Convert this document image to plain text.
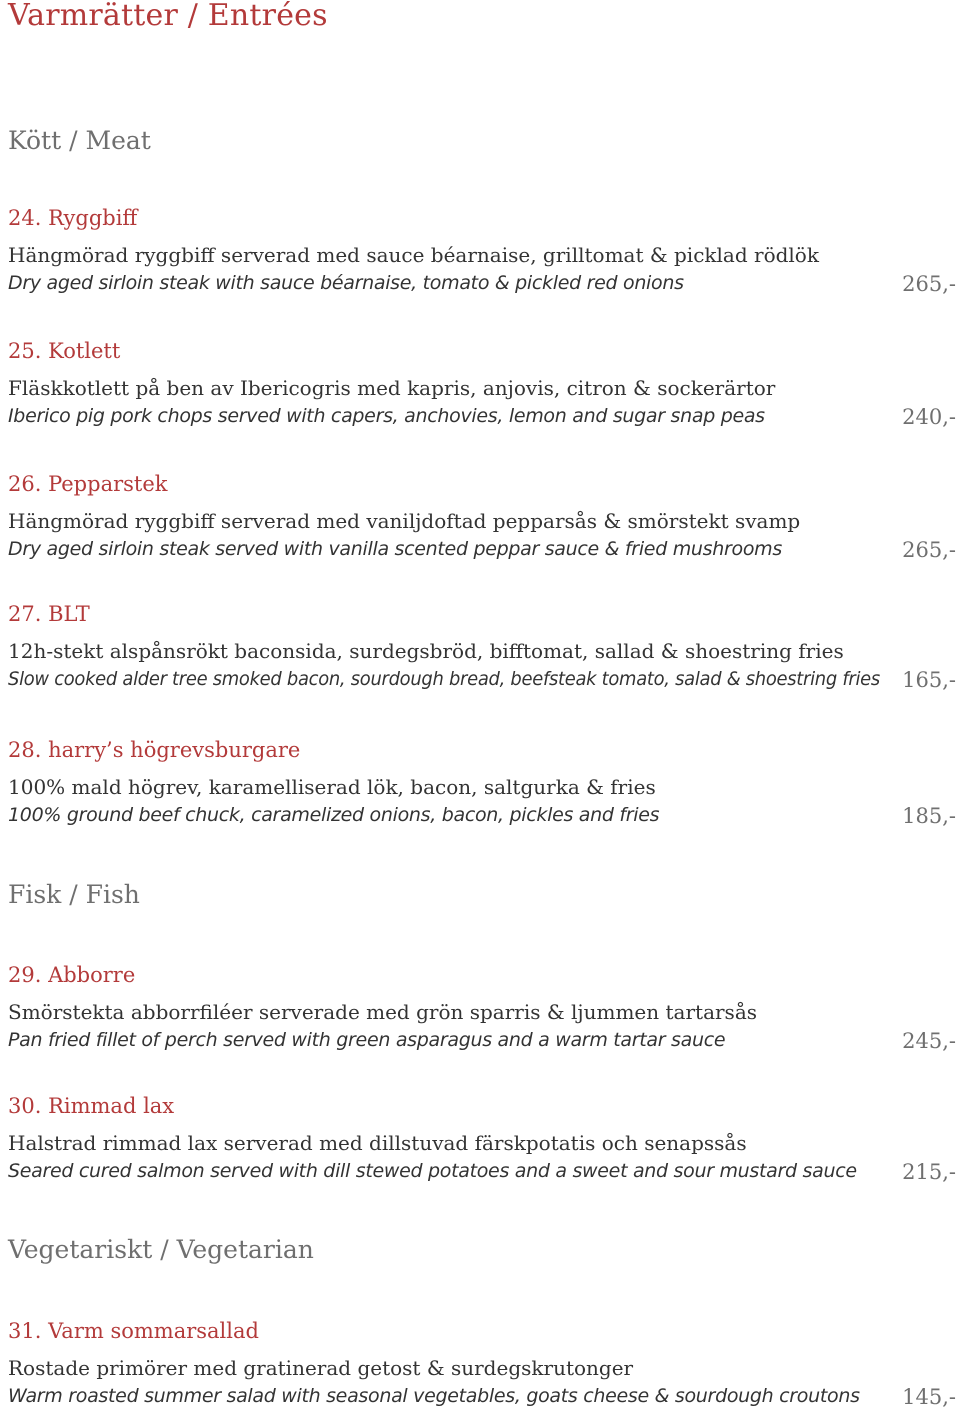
Varmrätter / Entrées
Kött / Meat
24. Ryggbiff

Hängmörad ryggbiff serverad med sauce béarnaise, grilltomat & picklad rödlök

Dry aged sirloin steak with sauce béarnaise, tomato & pickled red onions	265,-

25. Kotlett

Fläskkotlett på ben av Ibericogris med kapris, anjovis, citron & sockerärtor

Iberico pig pork chops served with capers, anchovies, lemon and sugar snap peas	240,-

26. Pepparstek

Hängmörad ryggbiff serverad med vaniljdoftad pepparsås & smörstekt svamp

Dry aged sirloin steak served with vanilla scented peppar sauce & fried mushrooms	265,-

27. BLT

12h-stekt alspånsrökt baconsida, surdegsbröd, bifftomat, sallad & shoestring fries

Slow cooked alder tree smoked bacon, sourdough bread, beefsteak tomato, salad & shoestring fries 165,-

28. harry’s högrevsburgare

100% mald högrev, karamelliserad lök, bacon, saltgurka & fries

100% ground beef chuck, caramelized onions, bacon, pickles and fries	185,-

Fisk / Fish
29. Abborre

Smörstekta abborrfiléer serverade med grön sparris & ljummen tartarsås

Pan fried fillet of perch served with green asparagus and a warm tartar sauce	245,-

30. Rimmad lax

Halstrad rimmad lax serverad med dillstuvad färskpotatis och senapssås

Seared cured salmon served with dill stewed potatoes and a sweet and sour mustard sauce 215,-

Vegetariskt / Vegetarian
31. Varm sommarsallad

Rostade primörer med gratinerad getost & surdegskrutonger

Warm roasted summer salad with seasonal vegetables, goats cheese & sourdough croutons 145,-
